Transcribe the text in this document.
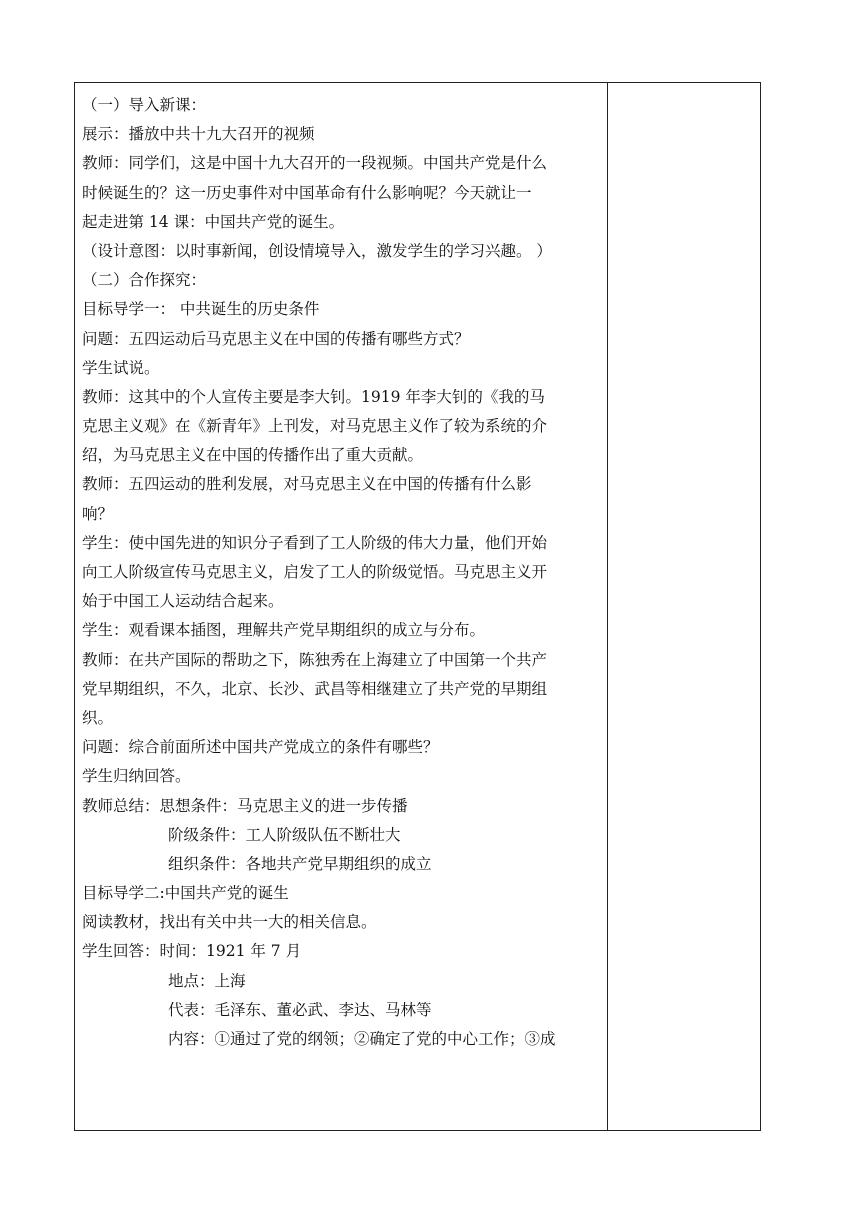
（一）导入新课：
展示：播放中共十九大召开的视频
教师：同学们，这是中国十九大召开的一段视频。中国共产党是什么
时候诞生的？这一历史事件对中国革命有什么影响呢？今天就让一
起走进第 14 课：中国共产党的诞生。
（设计意图：以时事新闻，创设情境导入，激发学生的学习兴趣。 ）
（二）合作探究：
目标导学一： 中共诞生的历史条件
问题：五四运动后马克思主义在中国的传播有哪些方式？
学生试说。
教师：这其中的个人宣传主要是李大钊。1919 年李大钊的《我的马
克思主义观》在《新青年》上刊发，对马克思主义作了较为系统的介
绍，为马克思主义在中国的传播作出了重大贡献。
教师：五四运动的胜利发展，对马克思主义在中国的传播有什么影
响？
学生：使中国先进的知识分子看到了工人阶级的伟大力量，他们开始
向工人阶级宣传马克思主义，启发了工人的阶级觉悟。马克思主义开
始于中国工人运动结合起来。
学生：观看课本插图，理解共产党早期组织的成立与分布。
教师：在共产国际的帮助之下，陈独秀在上海建立了中国第一个共产
党早期组织，不久，北京、长沙、武昌等相继建立了共产党的早期组
织。
问题：综合前面所述中国共产党成立的条件有哪些？
学生归纳回答。
教师总结：思想条件：马克思主义的进一步传播
阶级条件：工人阶级队伍不断壮大
组织条件：各地共产党早期组织的成立
目标导学二:中国共产党的诞生
阅读教材，找出有关中共一大的相关信息。
学生回答：时间：1921 年 7 月
地点：上海
代表：毛泽东、董必武、李达、马林等
内容：①通过了党的纲领；②确定了党的中心工作；③成
